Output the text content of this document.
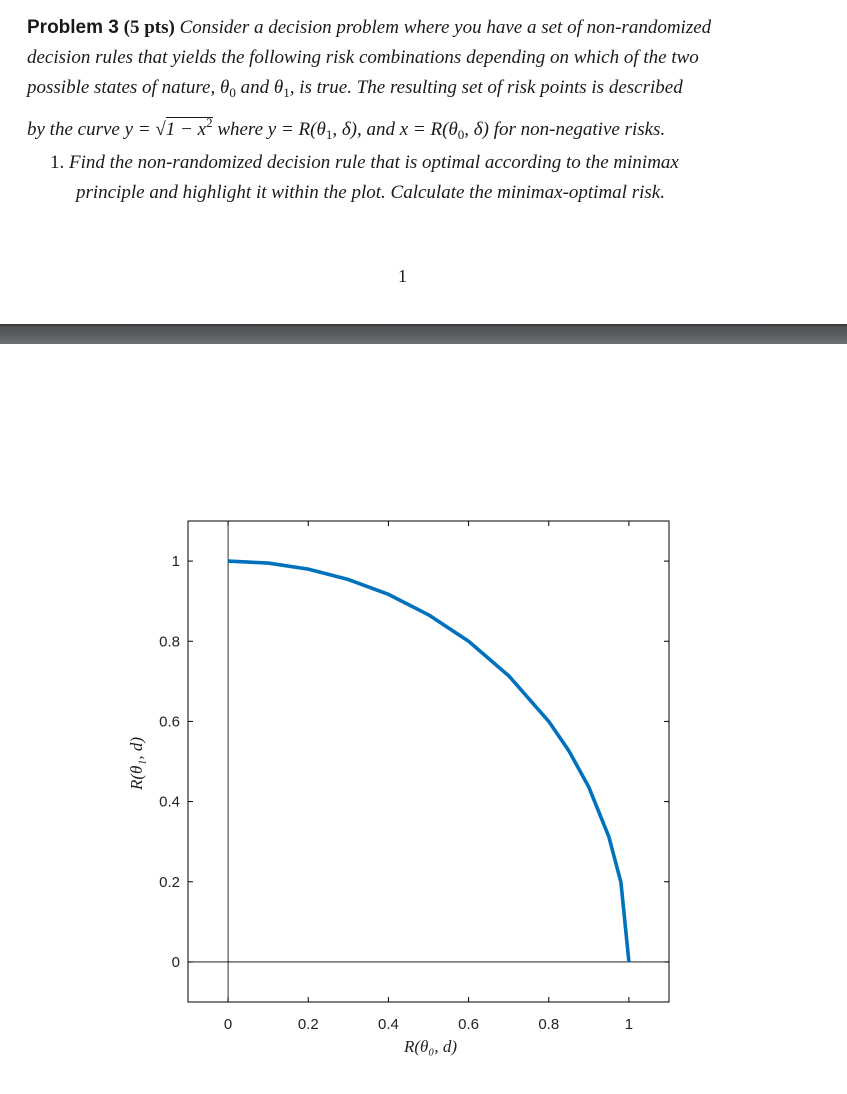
Problem 3 (5 pts) Consider a decision problem where you have a set of non-randomized
decision rules that yields the following risk combinations depending on which of the two
possible states of nature, $\theta_0$ and $\theta_1$, is true. The resulting set of risk points is described
by the curve $y = √1 - x^2$ where $y = R(\theta_1$, δ), and $x = R(\theta_0$, δ) for non-negative risks.
1. Find the non-randomized decision rule that is optimal according to the minimax
principle and highlight it within the plot. Calculate the minimax-optimal risk.
1
0	0.2	0.4	0.6	0.8	1
0
0.2
0.4
0.6
0.8
1
R(θ₀, d)
R(θ₁, d)
